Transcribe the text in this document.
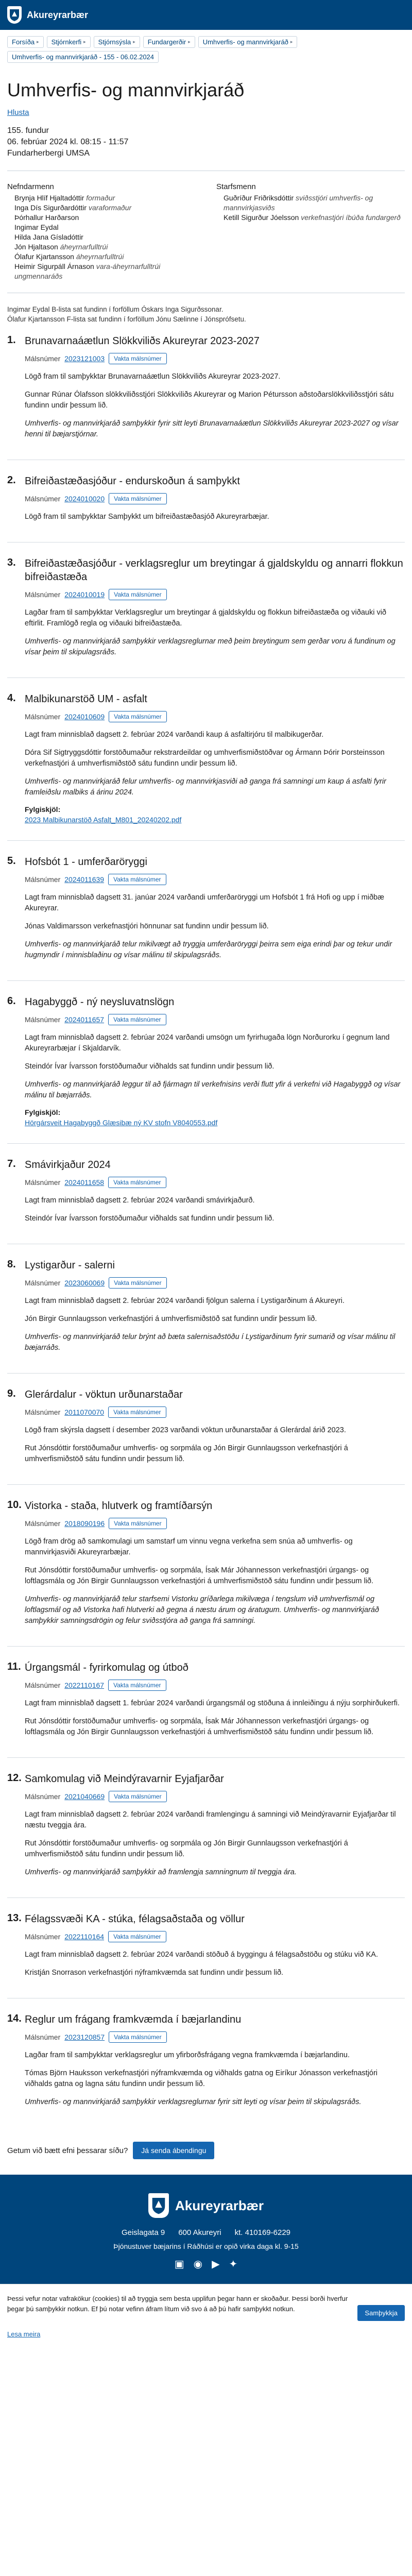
Akureyrarbær
Forsíða ▸ Stjórnkerfi ▸ Stjórnsýsla ▸ Fundargerðir ▸ Umhverfis- og mannvirkjaráð ▸
Umhverfis- og mannvirkjaráð - 155 - 06.02.2024
Umhverfis- og mannvirkjaráð
Hlusta

155. fundur

06. febrúar 2024 kl. 08:15 - 11:57

Fundarherbergi UMSA

Nefndarmenn
Brynja Hlíf Hjaltadóttir formaður
Inga Dís Sigurðardóttir varaformaður
Þórhallur Harðarson
Ingimar Eydal
Hilda Jana Gísladóttir
Jón Hjaltason áheyrnarfulltrúi
Ólafur Kjartansson áheyrnarfulltrúi
Heimir Sigurpáll Árnason vara-áheyrnarfulltrúi ungmennaráðs
Starfsmenn
Guðríður Friðriksdóttir sviðsstjóri umhverfis- og mannvirkjasviðs
Ketill Sigurður Jóelsson verkefnastjóri íbúða fundargerð

Ingimar Eydal B-lista sat fundinn í forföllum Óskars Inga Sigurðssonar.
Ólafur Kjartansson F-lista sat fundinn í forföllum Jónu Sælinne í Jónsprófsetu.

1. Brunavarnaáætlun Slökkviliðs Akureyrar 2023-2027
Málsnúmer 2023121003	Vakta málsnúmer

Lögð fram til samþykktar Brunavarnaáætlun Slökkviliðs Akureyrar 2023-2027.

Gunnar Rúnar Ólafsson slökkviliðsstjóri Slökkviliðs Akureyrar og Marion Pétursson aðstoðarslökkviliðsstjóri sátu fundinn undir þessum lið.

Umhverfis- og mannvirkjaráð samþykkir fyrir sitt leyti Brunavarnaáætlun Slökkviliðs Akureyrar 2023-2027 og vísar henni til bæjarstjórnar.

2. Bifreiðastæðasjóður - endurskoðun á samþykkt
Málsnúmer 2024010020	Vakta málsnúmer

Lögð fram til samþykktar Samþykkt um bifreiðastæðasjóð Akureyrarbæjar.

3. Bifreiðastæðasjóður - verklagsreglur um breytingar á gjaldskyldu og annarri flokkun bifreiðastæða
Málsnúmer 2024010019	Vakta málsnúmer

Lagðar fram til samþykktar Verklagsreglur um breytingar á gjaldskyldu og flokkun bifreiðastæða og viðauki við eftirlit. Framlögð regla og viðauki bifreiðastæða.

Umhverfis- og mannvirkjaráð samþykkir verklagsreglurnar með þeim breytingum sem gerðar voru á fundinum og vísar þeim til skipulagsráðs.

4. Malbikunarstöð UM - asfalt
Málsnúmer 2024010609	Vakta málsnúmer

Lagt fram minnisblað dagsett 2. febrúar 2024 varðandi kaup á asfaltirjóru til malbikugerðar.

Dóra Sif Sigtryggsdóttir forstöðumaður rekstrardeildar og umhverfismiðstöðvar og Ármann Þórir Þorsteinsson verkefnastjóri á umhverfismiðstöð sátu fundinn undir þessum lið.

Umhverfis- og mannvirkjaráð felur umhverfis- og mannvirkjasviði að ganga frá samningi um kaup á asfalti fyrir framleiðslu malbiks á árinu 2024.

Fylgiskjöl:
2023 Malbikunarstöð Asfalt_M801_20240202.pdf
5. Hofsbót 1 - umferðaröryggi
Málsnúmer 2024011639	Vakta málsnúmer

Lagt fram minnisblað dagsett 31. janúar 2024 varðandi umferðaröryggi um Hofsbót 1 frá Hofi og upp í miðbæ Akureyrar.

Jónas Valdimarsson verkefnastjóri hönnunar sat fundinn undir þessum lið.

Umhverfis- og mannvirkjaráð telur mikilvægt að tryggja umferðaröryggi þeirra sem eiga erindi þar og tekur undir hugmyndir í minnisblaðinu og vísar málinu til skipulagsráðs.

6. Hagabyggð - ný neysluvatnslögn
Málsnúmer 2024011657	Vakta málsnúmer

Lagt fram minnisblað dagsett 2. febrúar 2024 varðandi umsögn um fyrirhugaða lögn Norðurorku í gegnum land Akureyrarbæjar í Skjaldarvík.

Steindór Ívar Ívarsson forstöðumaður viðhalds sat fundinn undir þessum lið.

Umhverfis- og mannvirkjaráð leggur til að fjármagn til verkefnisins verði flutt yfir á verkefni við Hagabyggð og vísar málinu til bæjarráðs.

Fylgiskjöl:
Hörgársveit Hagabyggð Glæsibæ ný KV stofn V8040553.pdf
7. Smávirkjaður 2024
Málsnúmer 2024011658	Vakta málsnúmer

Lagt fram minnisblað dagsett 2. febrúar 2024 varðandi smávirkjaðurð.

Steindór Ívar Ívarsson forstöðumaður viðhalds sat fundinn undir þessum lið.

8. Lystigarður - salerni
Málsnúmer 2023060069	Vakta málsnúmer

Lagt fram minnisblað dagsett 2. febrúar 2024 varðandi fjölgun salerna í Lystigarðinum á Akureyri.

Jón Birgir Gunnlaugsson verkefnastjóri á umhverfismiðstöð sat fundinn undir þessum lið.

Umhverfis- og mannvirkjaráð telur brýnt að bæta salernisaðstöðu í Lystigarðinum fyrir sumarið og vísar málinu til bæjarráðs.

9. Glerárdalur - vöktun urðunarstaðar
Málsnúmer 2011070070	Vakta málsnúmer

Lögð fram skýrsla dagsett í desember 2023 varðandi vöktun urðunarstaðar á Glerárdal árið 2023.

Rut Jónsdóttir forstöðumaður umhverfis- og sorpmála og Jón Birgir Gunnlaugsson verkefnastjóri á umhverfismiðstöð sátu fundinn undir þessum lið.

10. Vistorka - staða, hlutverk og framtíðarsýn
Málsnúmer 2018090196	Vakta málsnúmer

Lögð fram drög að samkomulagi um samstarf um vinnu vegna verkefna sem snúa að umhverfis- og mannvirkjasviði Akureyrarbæjar.

Rut Jónsdóttir forstöðumaður umhverfis- og sorpmála, Ísak Már Jóhannesson verkefnastjóri úrgangs- og loftlagsmála og Jón Birgir Gunnlaugsson verkefnastjóri á umhverfismiðstöð sátu fundinn undir þessum lið.

Umhverfis- og mannvirkjaráð telur starfsemi Vistorku gríðarlega mikilvæga í tengslum við umhverfismál og loftlagsmál og að Vistorka hafi hlutverki að gegna á næstu árum og áratugum. Umhverfis- og mannvirkjaráð samþykkir samningsdrögin og felur sviðsstjóra að ganga frá samningi.

11. Úrgangsmál - fyrirkomulag og útboð
Málsnúmer 2022110167	Vakta málsnúmer

Lagt fram minnisblað dagsett 1. febrúar 2024 varðandi úrgangsmál og stöðuna á innleiðingu á nýju sorphirðukerfi.

Rut Jónsdóttir forstöðumaður umhverfis- og sorpmála, Ísak Már Jóhannesson verkefnastjóri úrgangs- og loftlagsmála og Jón Birgir Gunnlaugsson verkefnastjóri á umhverfismiðstöð sátu fundinn undir þessum lið.

12. Samkomulag við Meindýravarnir Eyjafjarðar
Málsnúmer 2021040669	Vakta málsnúmer

Lagt fram minnisblað dagsett 2. febrúar 2024 varðandi framlengingu á samningi við Meindýravarnir Eyjafjarðar til næstu tveggja ára.

Rut Jónsdóttir forstöðumaður umhverfis- og sorpmála og Jón Birgir Gunnlaugsson verkefnastjóri á umhverfismiðstöð sátu fundinn undir þessum lið.

Umhverfis- og mannvirkjaráð samþykkir að framlengja samningnum til tveggja ára.

13. Félagssvæði KA - stúka, félagsaðstaða og völlur
Málsnúmer 2022110164	Vakta málsnúmer

Lagt fram minnisblað dagsett 2. febrúar 2024 varðandi stöðuð á byggingu á félagsaðstöðu og stúku við KA.

Kristján Snorrason verkefnastjóri nýframkvæmda sat fundinn undir þessum lið.

14. Reglur um frágang framkvæmda í bæjarlandinu
Málsnúmer 2023120857	Vakta málsnúmer

Lagðar fram til samþykktar verklagsreglur um yfirborðsfrágang vegna framkvæmda í bæjarlandinu.

Tómas Björn Hauksson verkefnastjóri nýframkvæmda og viðhalds gatna og Eiríkur Jónasson verkefnastjóri viðhalds gatna og lagna sátu fundinn undir þessum lið.

Umhverfis- og mannvirkjaráð samþykkir verklagsreglurnar fyrir sitt leyti og vísar þeim til skipulagsráðs.

Getum við bætt efni þessarar síðu?	Já senda ábendingu
Akureyrarbær
Geislagata 9 600 Akureyri kt. 410169-6229

Þjónustuver bæjarins í Ráðhúsi er opið virka daga kl. 9-15

▣ ◉ ▶ ✦

Þessi vefur notar vafrakökur (cookies) til að tryggja sem besta upplifun þegar hann er skoðaður. Þessi borði hverfur þegar þú samþykkir notkun. Ef þú notar vefinn áfram lítum við svo á að þú hafir samþykkt notkun.

Samþykkja
Lesa meira
